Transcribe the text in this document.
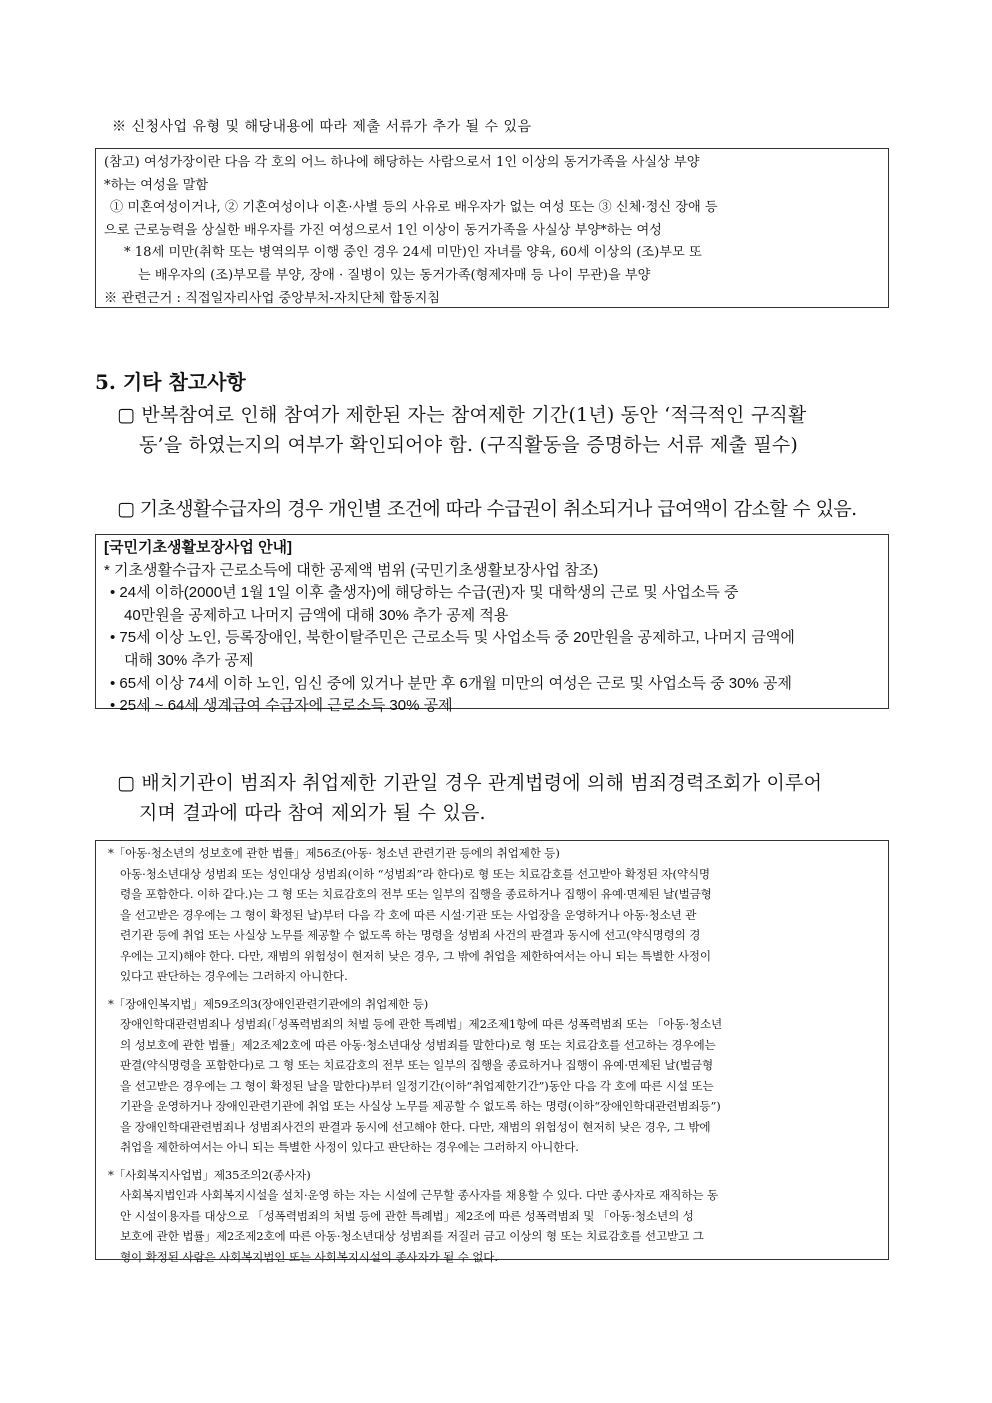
※ 신청사업 유형 및 해당내용에 따라 제출 서류가 추가 될 수 있음
(참고) 여성가장이란 다음 각 호의 어느 하나에 해당하는 사람으로서 1인 이상의 동거가족을 사실상 부양
*하는 여성을 말함
① 미혼여성이거나, ② 기혼여성이나 이혼·사별 등의 사유로 배우자가 없는 여성 또는 ③ 신체·정신 장애 등
으로 근로능력을 상실한 배우자를 가진 여성으로서 1인 이상이 동거가족을 사실상 부양*하는 여성
* 18세 미만(취학 또는 병역의무 이행 중인 경우 24세 미만)인 자녀를 양육, 60세 이상의 (조)부모 또
는 배우자의 (조)부모를 부양, 장애 · 질병이 있는 동거가족(형제자매 등 나이 무관)을 부양
※ 관련근거 : 직접일자리사업 중앙부처-자치단체 합동지침
5. 기타 참고사항
▢ 반복참여로 인해 참여가 제한된 자는 참여제한 기간(1년) 동안 ‘적극적인 구직활
동’을 하였는지의 여부가 확인되어야 함. (구직활동을 증명하는 서류 제출 필수)
▢ 기초생활수급자의 경우 개인별 조건에 따라 수급권이 취소되거나 급여액이 감소할 수 있음.
[국민기초생활보장사업 안내]
* 기초생활수급자 근로소득에 대한 공제액 범위 (국민기초생활보장사업 참조)
• 24세 이하(2000년 1월 1일 이후 출생자)에 해당하는 수급(권)자 및 대학생의 근로 및 사업소득 중
40만원을 공제하고 나머지 금액에 대해 30% 추가 공제 적용
• 75세 이상 노인, 등록장애인, 북한이탈주민은 근로소득 및 사업소득 중 20만원을 공제하고, 나머지 금액에
대해 30% 추가 공제
• 65세 이상 74세 이하 노인, 임신 중에 있거나 분만 후 6개월 미만의 여성은 근로 및 사업소득 중 30% 공제
• 25세 ~ 64세 생계급여 수급자에 근로소득 30% 공제
▢ 배치기관이 범죄자 취업제한 기관일 경우 관계법령에 의해 범죄경력조회가 이루어
지며 결과에 따라 참여 제외가 될 수 있음.
*「아동·청소년의 성보호에 관한 법률」제56조(아동· 청소년 관련기관 등에의 취업제한 등)
아동·청소년대상 성범죄 또는 성인대상 성범죄(이하 “성범죄”라 한다)로 형 또는 치료감호를 선고받아 확정된 자(약식명
령을 포함한다. 이하 같다.)는 그 형 또는 치료감호의 전부 또는 일부의 집행을 종료하거나 집행이 유예·면제된 날(벌금형
을 선고받은 경우에는 그 형이 확정된 날)부터 다음 각 호에 따른 시설·기관 또는 사업장을 운영하거나 아동·청소년 관
련기관 등에 취업 또는 사실상 노무를 제공할 수 없도록 하는 명령을 성범죄 사건의 판결과 동시에 선고(약식명령의 경
우에는 고지)해야 한다. 다만, 재범의 위험성이 현저히 낮은 경우, 그 밖에 취업을 제한하여서는 아니 되는 특별한 사정이
있다고 판단하는 경우에는 그러하지 아니한다.
*「장애인복지법」제59조의3(장애인관련기관에의 취업제한 등)
장애인학대관련범죄나 성범죄(「성폭력범죄의 처벌 등에 관한 특례법」제2조제1항에 따른 성폭력범죄 또는 「아동·청소년
의 성보호에 관한 법률」제2조제2호에 따른 아동·청소년대상 성범죄를 말한다)로 형 또는 치료감호를 선고하는 경우에는
판결(약식명령을 포함한다)로 그 형 또는 치료감호의 전부 또는 일부의 집행을 종료하거나 집행이 유예·면제된 날(벌금형
을 선고받은 경우에는 그 형이 확정된 날을 말한다)부터 일정기간(이하“취업제한기간”)동안 다음 각 호에 따른 시설 또는
기관을 운영하거나 장애인관련기관에 취업 또는 사실상 노무를 제공할 수 없도록 하는 명령(이하“장애인학대관련범죄등”)
을 장애인학대관련범죄나 성범죄사건의 판결과 동시에 선고해야 한다. 다만, 재범의 위험성이 현저히 낮은 경우, 그 밖에
취업을 제한하여서는 아니 되는 특별한 사정이 있다고 판단하는 경우에는 그러하지 아니한다.
*「사회복지사업법」제35조의2(종사자)
사회복지법인과 사회복지시설을 설치·운영 하는 자는 시설에 근무할 종사자를 채용할 수 있다. 다만 종사자로 재직하는 동
안 시설이용자를 대상으로 「성폭력범죄의 처벌 등에 관한 특례법」제2조에 따른 성폭력범죄 및 「아동·청소년의 성
보호에 관한 법률」제2조제2호에 따른 아동·청소년대상 성범죄를 저질러 금고 이상의 형 또는 치료감호를 선고받고 그
형이 확정된 사람은 사회복지법인 또는 사회복지시설의 종사자가 될 수 없다.
